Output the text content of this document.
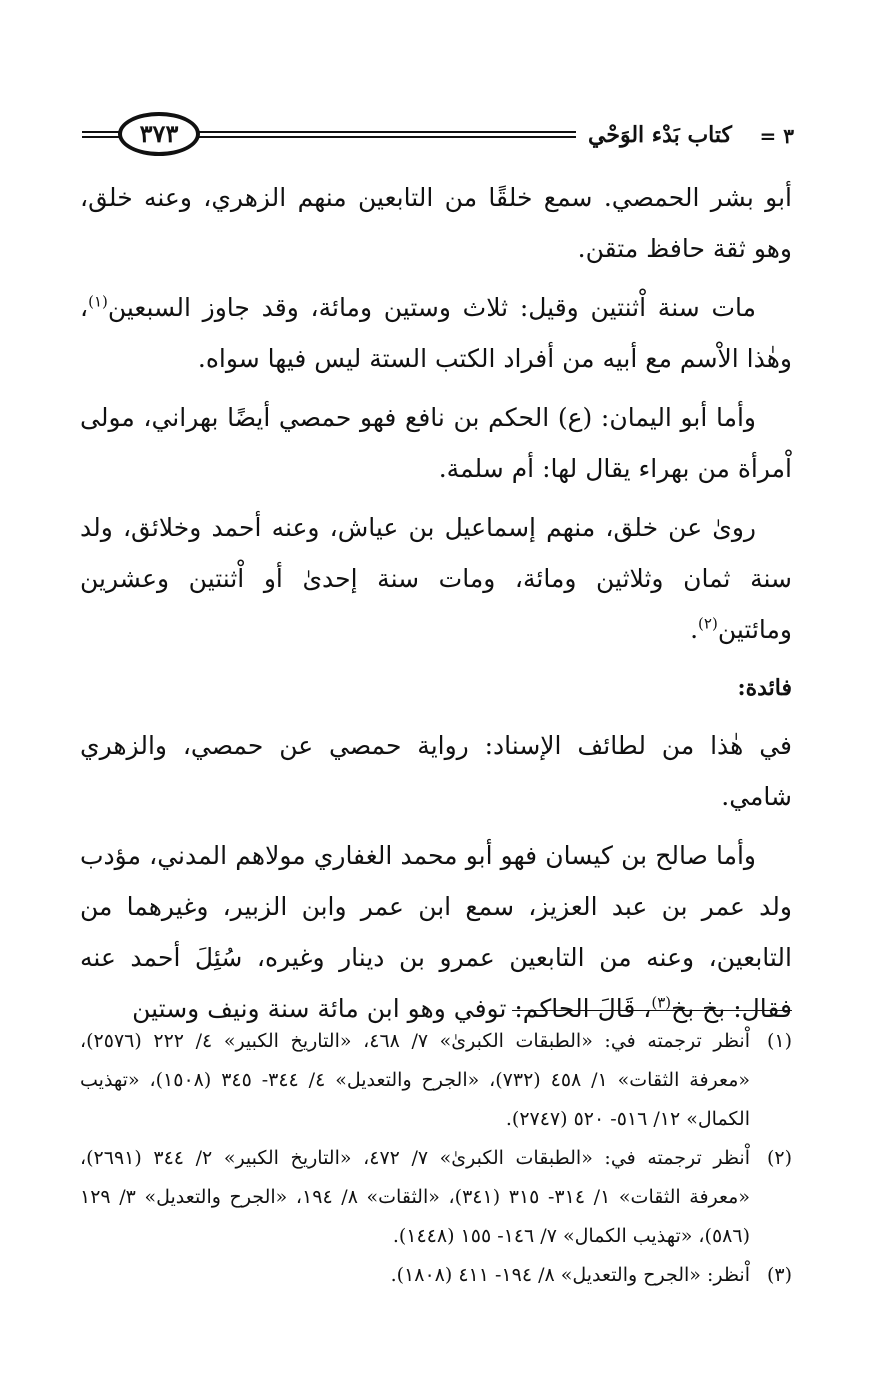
٣ =
كتاب بَدْء الوَحْي
٣٧٣

أبو بشر الحمصي. سمع خلقًا من التابعين منهم الزهري، وعنه خلق، وهو ثقة حافظ متقن.

مات سنة اْثنتين وقيل: ثلاث وستين ومائة، وقد جاوز السبعين$^{(١)}$، وهٰذا الاْسم مع أبيه من أفراد الكتب الستة ليس فيها سواه.

وأما أبو اليمان: (ع) الحكم بن نافع فهو حمصي أيضًا بهراني، مولى اْمرأة من بهراء يقال لها: أم سلمة.

رویٰ عن خلق، منهم إسماعيل بن عياش، وعنه أحمد وخلائق، ولد سنة ثمان وثلاثين ومائة، ومات سنة إحدىٰ أو اْثنتين وعشرين ومائتين$^{(٢)}$.

فائدة:

في هٰذا من لطائف الإسناد: رواية حمصي عن حمصي، والزهري شامي.

وأما صالح بن كيسان فهو أبو محمد الغفاري مولاهم المدني، مؤدب ولد عمر بن عبد العزيز، سمع ابن عمر وابن الزبير، وغيرهما من التابعين، وعنه من التابعين عمرو بن دينار وغيره، سُئِلَ أحمد عنه فقال: بخ بخ$^{(٣)}$، قَالَ الحاكم: توفي وهو ابن مائة سنة ونيف وستين

(١)
اْنظر ترجمته في: «الطبقات الكبرىٰ» ٧/ ٤٦٨، «التاريخ الكبير» ٤/ ٢٢٢ (٢٥٧٦)، «معرفة الثقات» ١/ ٤٥٨ (٧٣٢)، «الجرح والتعديل» ٤/ ٣٤٤- ٣٤٥ (١٥٠٨)، «تهذيب الكمال» ١٢/ ٥١٦- ٥٢٠ (٢٧٤٧).
(٢)
اْنظر ترجمته في: «الطبقات الكبرىٰ» ٧/ ٤٧٢، «التاريخ الكبير» ٢/ ٣٤٤ (٢٦٩١)، «معرفة الثقات» ١/ ٣١٤- ٣١٥ (٣٤١)، «الثقات» ٨/ ١٩٤، «الجرح والتعديل» ٣/ ١٢٩ (٥٨٦)، «تهذيب الكمال» ٧/ ١٤٦- ١٥٥ (١٤٤٨).
(٣)
اْنظر: «الجرح والتعديل» ٨/ ١٩٤- ٤١١ (١٨٠٨).
